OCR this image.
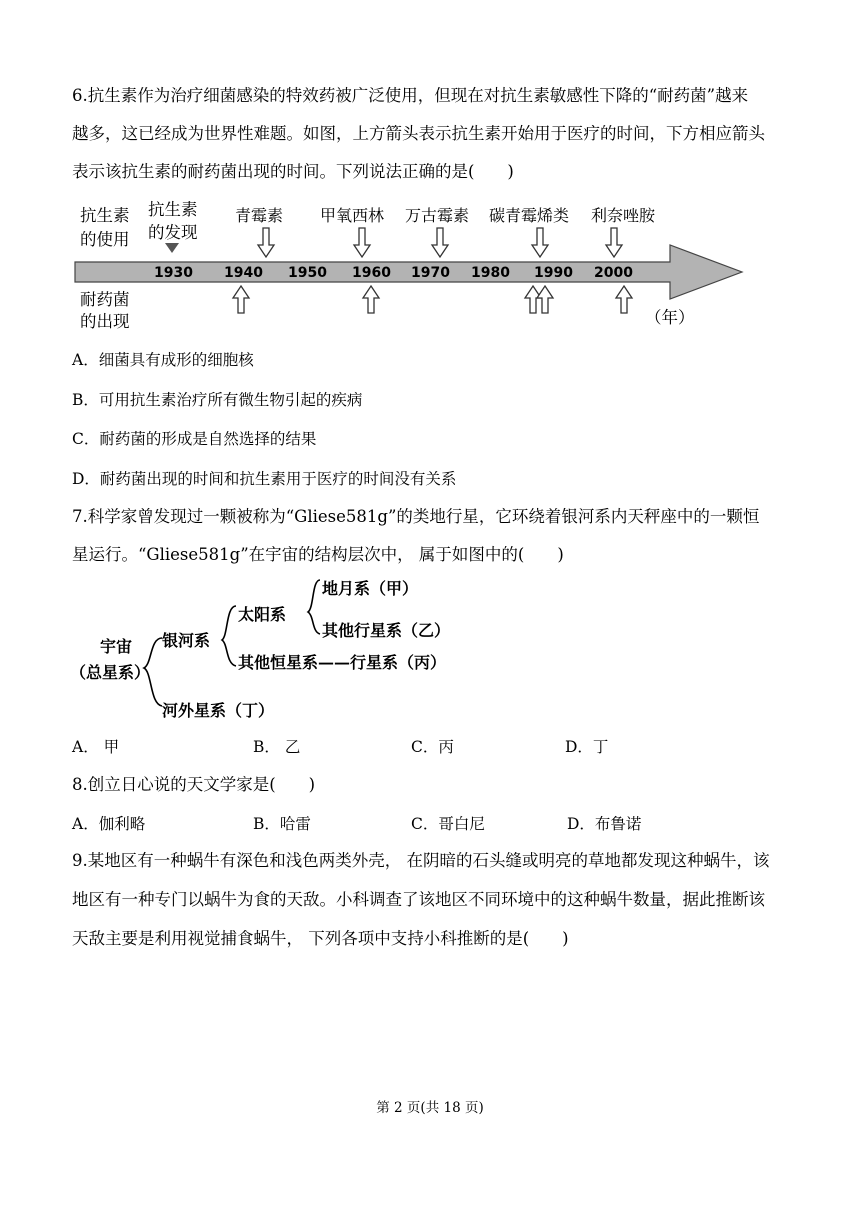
6.抗生素作为治疗细菌感染的特效药被广泛使用，但现在对抗生素敏感性下降的“耐药菌”越来
越多，这已经成为世界性难题。如图，上方箭头表示抗生素开始用于医疗的时间，下方相应箭头
表示该抗生素的耐药菌出现的时间。下列说法正确的是(　　)
抗生素
的使用
耐药菌
的出现
抗生素
的发现
1930 1940 1950 1960 1970 1980 1990 2000
青霉素 甲氧西林 万古霉素 碳青霉烯类 利奈唑胺
（年）
A．细菌具有成形的细胞核
B．可用抗生素治疗所有微生物引起的疾病
C．耐药菌的形成是自然选择的结果
D．耐药菌出现的时间和抗生素用于医疗的时间没有关系
7.科学家曾发现过一颗被称为“Gliese581g”的类地行星，它环绕着银河系内天秤座中的一颗恒
星运行。“Gliese581g”在宇宙的结构层次中， 属于如图中的(　　)
宇宙
（总星系）
银河系
河外星系（丁）
太阳系
其他恒星系——行星系（丙）
地月系（甲）
其他行星系（乙）
A． 甲	B． 乙	C．丙	D．丁
8.创立日心说的天文学家是(　　)
A．伽利略	B．哈雷	C．哥白尼	D．布鲁诺
9.某地区有一种蜗牛有深色和浅色两类外壳， 在阴暗的石头缝或明亮的草地都发现这种蜗牛，该
地区有一种专门以蜗牛为食的天敌。小科调查了该地区不同环境中的这种蜗牛数量，据此推断该
天敌主要是利用视觉捕食蜗牛， 下列各项中支持小科推断的是(　　)
第 2 页(共 18 页)
